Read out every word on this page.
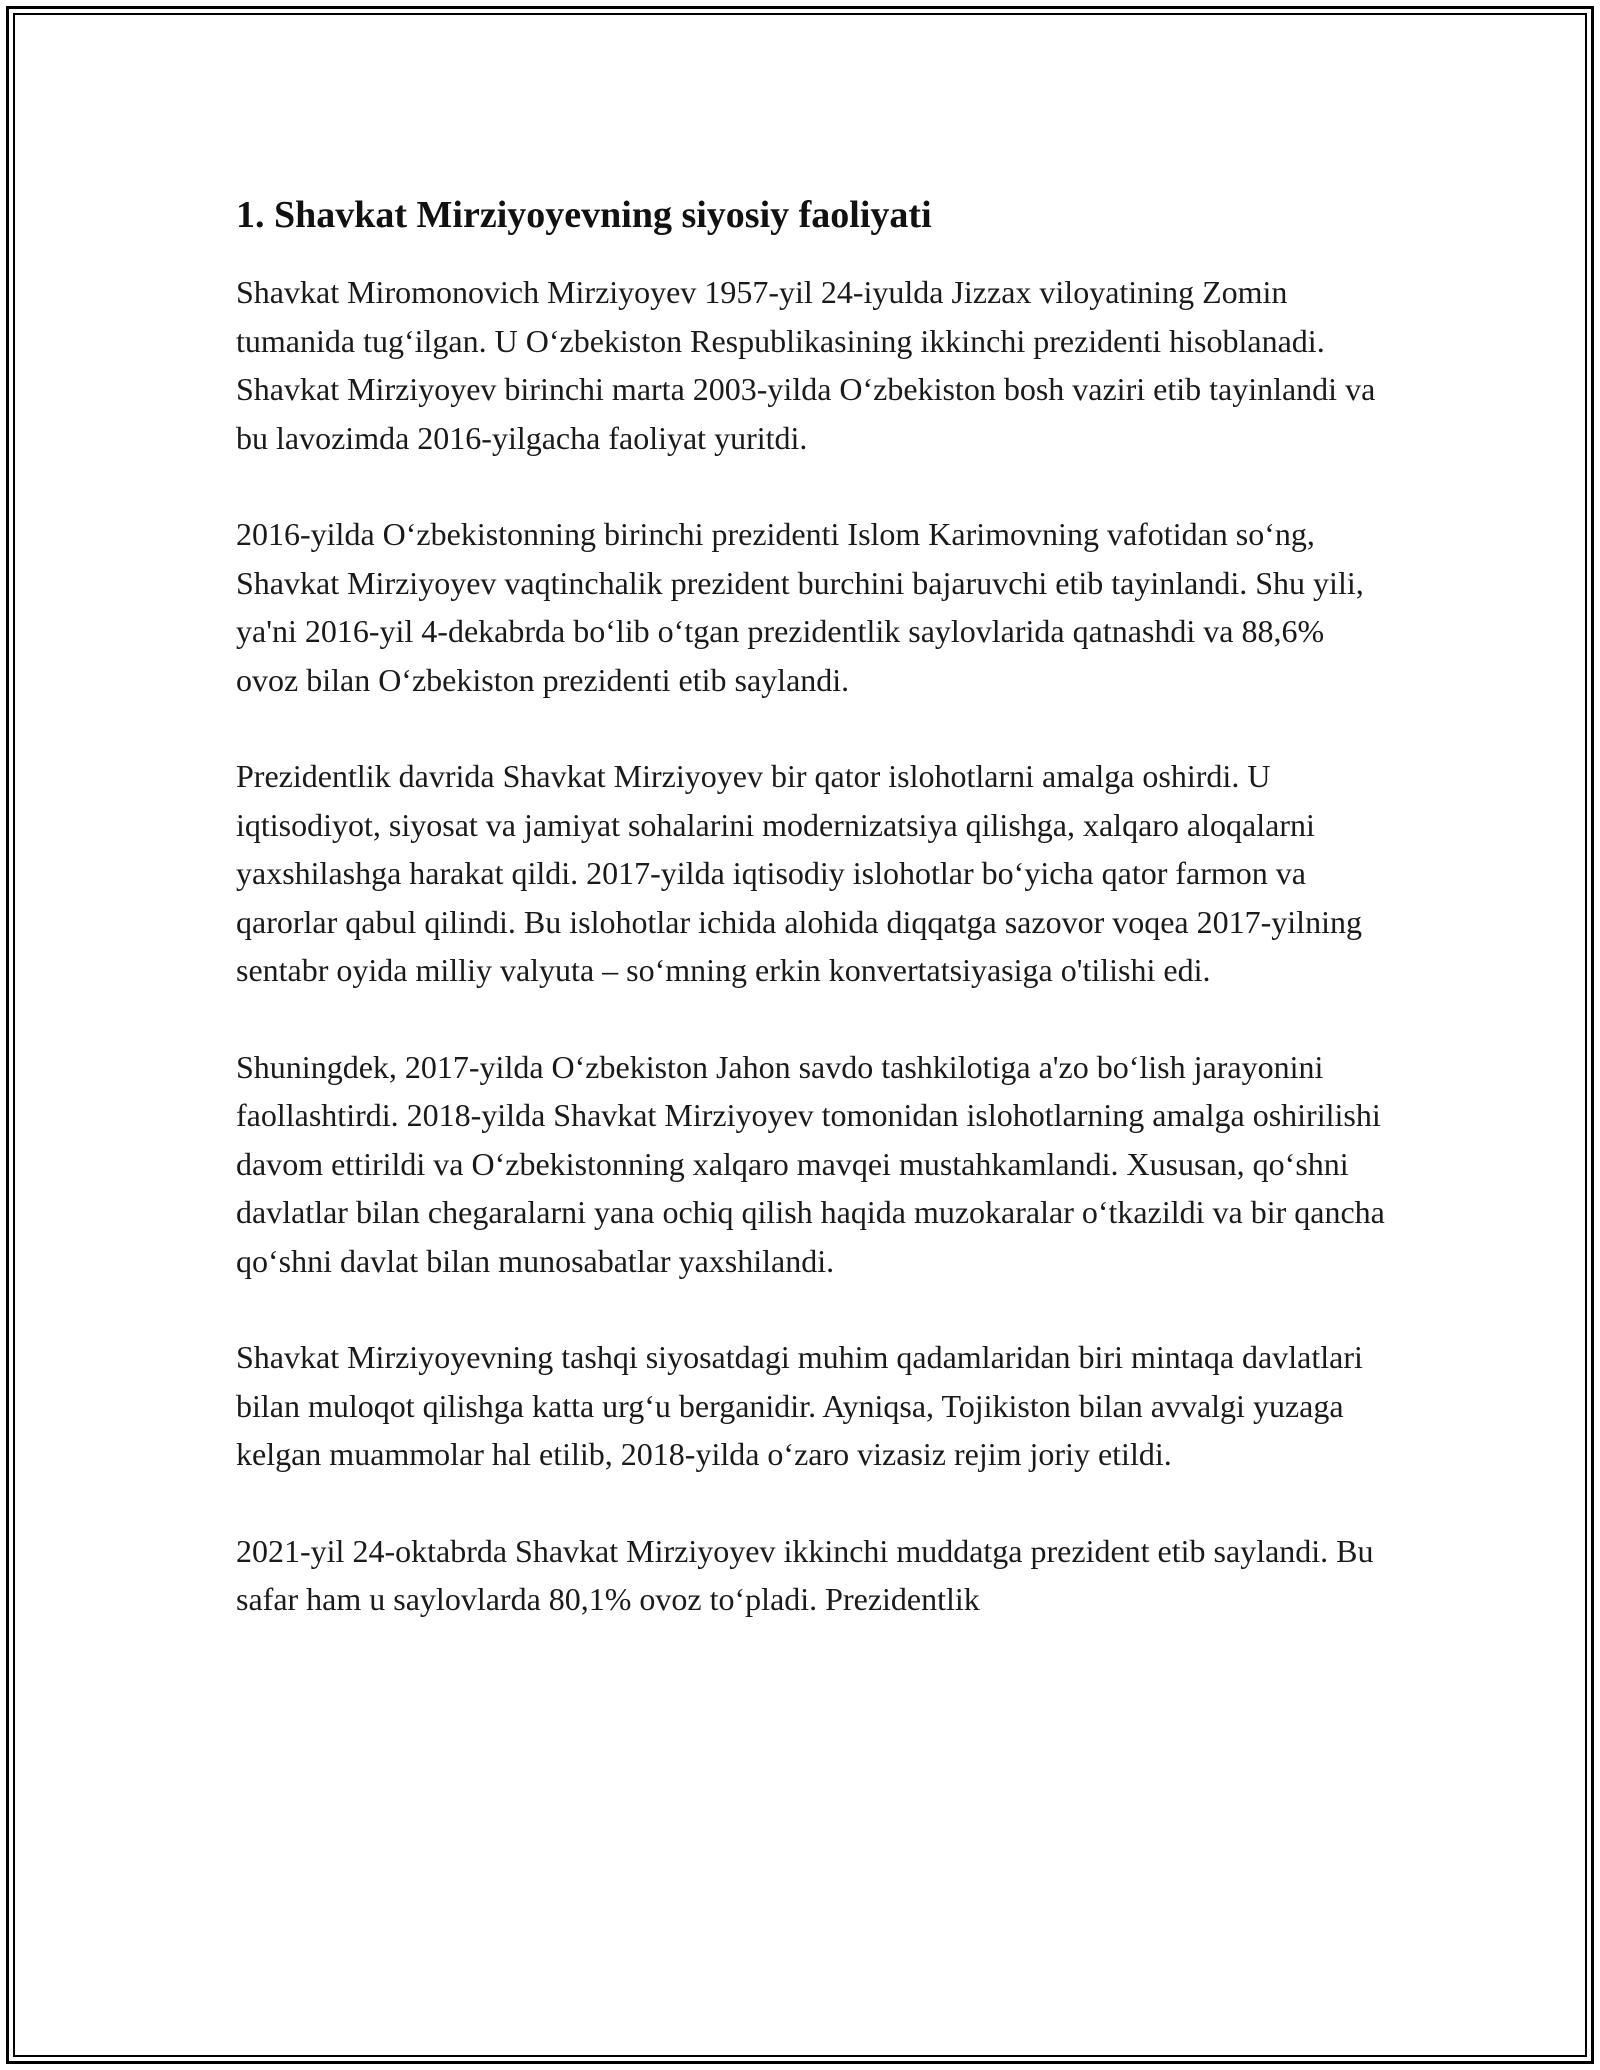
1. Shavkat Mirziyoyevning siyosiy faoliyati

Shavkat Miromonovich Mirziyoyev 1957-yil 24-iyulda Jizzax viloyatining Zomin tumanida tug‘ilgan. U O‘zbekiston Respublikasining ikkinchi prezidenti hisoblanadi. Shavkat Mirziyoyev birinchi marta 2003-yilda O‘zbekiston bosh vaziri etib tayinlandi va bu lavozimda 2016-yilgacha faoliyat yuritdi.

2016-yilda O‘zbekistonning birinchi prezidenti Islom Karimovning vafotidan so‘ng, Shavkat Mirziyoyev vaqtinchalik prezident burchini bajaruvchi etib tayinlandi. Shu yili, ya'ni 2016-yil 4-dekabrda bo‘lib o‘tgan prezidentlik saylovlarida qatnashdi va 88,6% ovoz bilan O‘zbekiston prezidenti etib saylandi.

Prezidentlik davrida Shavkat Mirziyoyev bir qator islohotlarni amalga oshirdi. U iqtisodiyot, siyosat va jamiyat sohalarini modernizatsiya qilishga, xalqaro aloqalarni yaxshilashga harakat qildi. 2017-yilda iqtisodiy islohotlar bo‘yicha qator farmon va qarorlar qabul qilindi. Bu islohotlar ichida alohida diqqatga sazovor voqea 2017-yilning sentabr oyida milliy valyuta – so‘mning erkin konvertatsiyasiga o'tilishi edi.

Shuningdek, 2017-yilda O‘zbekiston Jahon savdo tashkilotiga a'zo bo‘lish jarayonini faollashtirdi. 2018-yilda Shavkat Mirziyoyev tomonidan islohotlarning amalga oshirilishi davom ettirildi va O‘zbekistonning xalqaro mavqei mustahkamlandi. Xususan, qo‘shni davlatlar bilan chegaralarni yana ochiq qilish haqida muzokaralar o‘tkazildi va bir qancha qo‘shni davlat bilan munosabatlar yaxshilandi.

Shavkat Mirziyoyevning tashqi siyosatdagi muhim qadamlaridan biri mintaqa davlatlari bilan muloqot qilishga katta urg‘u berganidir. Ayniqsa, Tojikiston bilan avvalgi yuzaga kelgan muammolar hal etilib, 2018-yilda o‘zaro vizasiz rejim joriy etildi.

2021-yil 24-oktabrda Shavkat Mirziyoyev ikkinchi muddatga prezident etib saylandi. Bu safar ham u saylovlarda 80,1% ovoz to‘pladi. Prezidentlik
